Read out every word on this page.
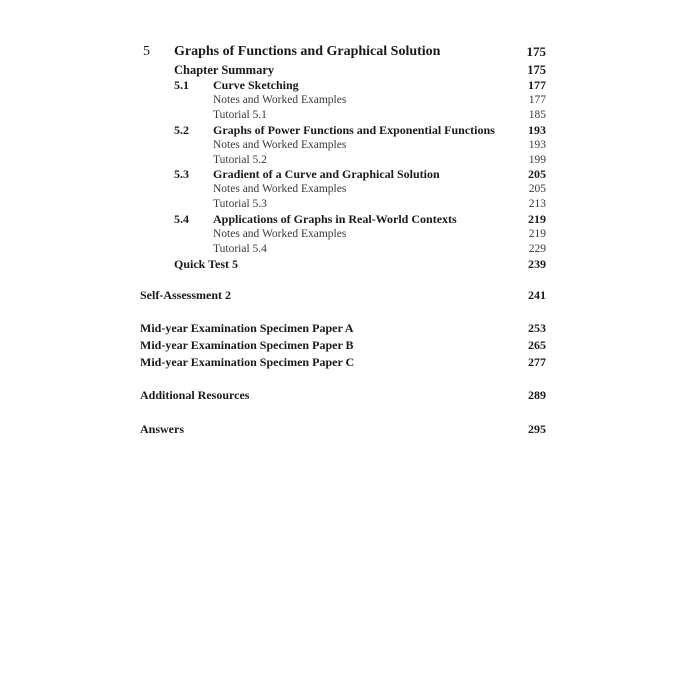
5 Graphs of Functions and Graphical Solution	175
Chapter Summary	175
5.1 Curve Sketching	177
Notes and Worked Examples	177
Tutorial 5.1	185
5.2 Graphs of Power Functions and Exponential Functions	193
Notes and Worked Examples	193
Tutorial 5.2	199
5.3 Gradient of a Curve and Graphical Solution	205
Notes and Worked Examples	205
Tutorial 5.3	213
5.4 Applications of Graphs in Real-World Contexts	219
Notes and Worked Examples	219
Tutorial 5.4	229
Quick Test 5	239
Self-Assessment 2	241
Mid-year Examination Specimen Paper A	253
Mid-year Examination Specimen Paper B	265
Mid-year Examination Specimen Paper C	277
Additional Resources	289
Answers	295
